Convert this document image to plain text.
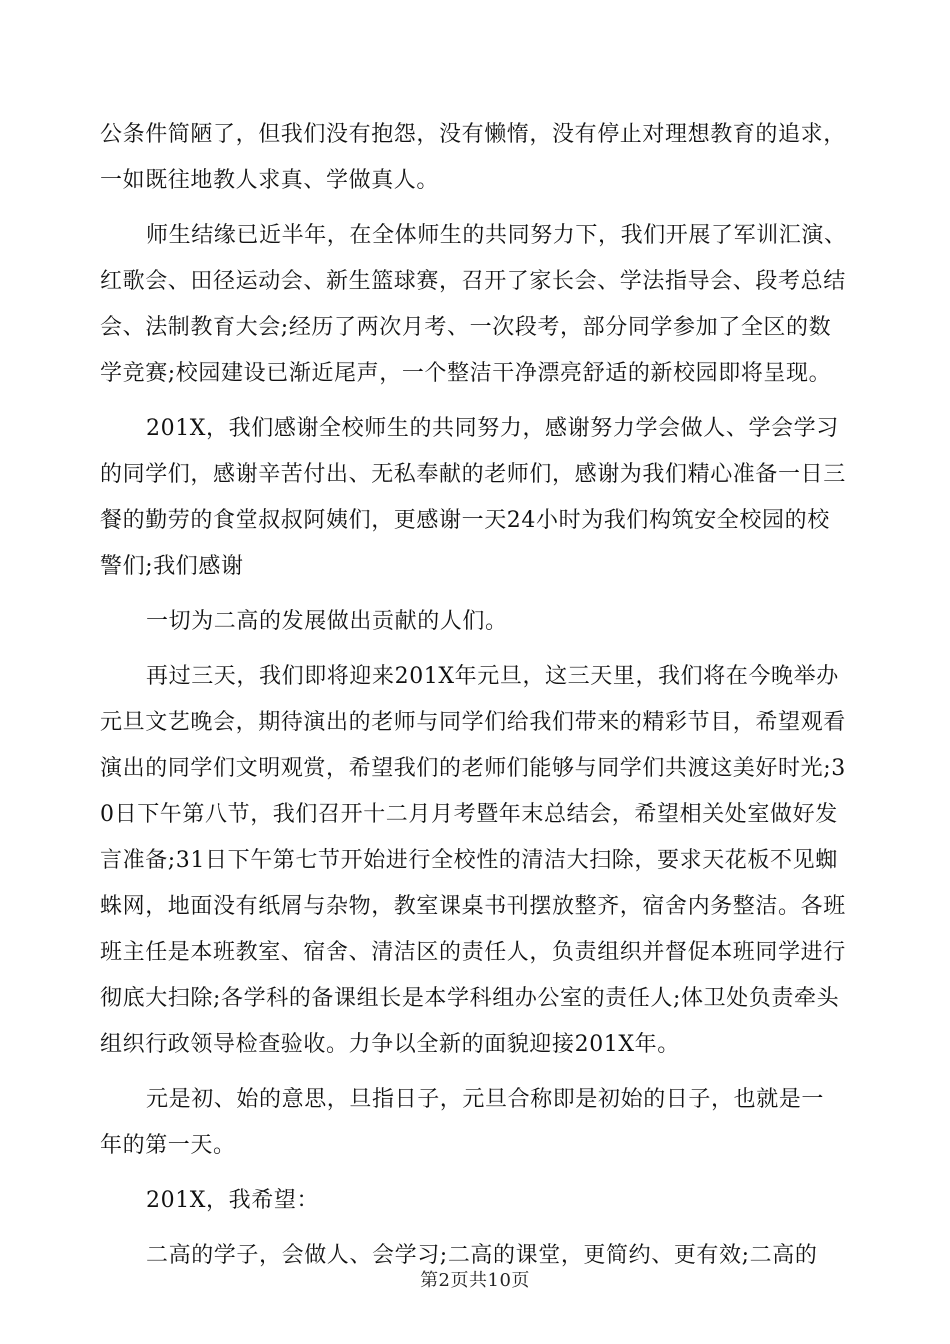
公条件简陋了，但我们没有抱怨，没有懒惰，没有停止对理想教育的追求，
一如既往地教人求真、学做真人。
师生结缘已近半年，在全体师生的共同努力下，我们开展了军训汇演、
红歌会、田径运动会、新生篮球赛，召开了家长会、学法指导会、段考总结
会、法制教育大会;经历了两次月考、一次段考，部分同学参加了全区的数
学竞赛;校园建设已渐近尾声，一个整洁干净漂亮舒适的新校园即将呈现。
201X，我们感谢全校师生的共同努力，感谢努力学会做人、学会学习
的同学们，感谢辛苦付出、无私奉献的老师们，感谢为我们精心准备一日三
餐的勤劳的食堂叔叔阿姨们，更感谢一天24小时为我们构筑安全校园的校
警们;我们感谢
一切为二高的发展做出贡献的人们。
再过三天，我们即将迎来201X年元旦，这三天里，我们将在今晚举办
元旦文艺晚会，期待演出的老师与同学们给我们带来的精彩节目，希望观看
演出的同学们文明观赏，希望我们的老师们能够与同学们共渡这美好时光;3
0日下午第八节，我们召开十二月月考暨年末总结会，希望相关处室做好发
言准备;31日下午第七节开始进行全校性的清洁大扫除，要求天花板不见蜘
蛛网，地面没有纸屑与杂物，教室课桌书刊摆放整齐，宿舍内务整洁。各班
班主任是本班教室、宿舍、清洁区的责任人，负责组织并督促本班同学进行
彻底大扫除;各学科的备课组长是本学科组办公室的责任人;体卫处负责牵头
组织行政领导检查验收。力争以全新的面貌迎接201X年。
元是初、始的意思，旦指日子，元旦合称即是初始的日子，也就是一
年的第一天。
201X，我希望：
二高的学子，会做人、会学习;二高的课堂，更简约、更有效;二高的
第2页共10页
